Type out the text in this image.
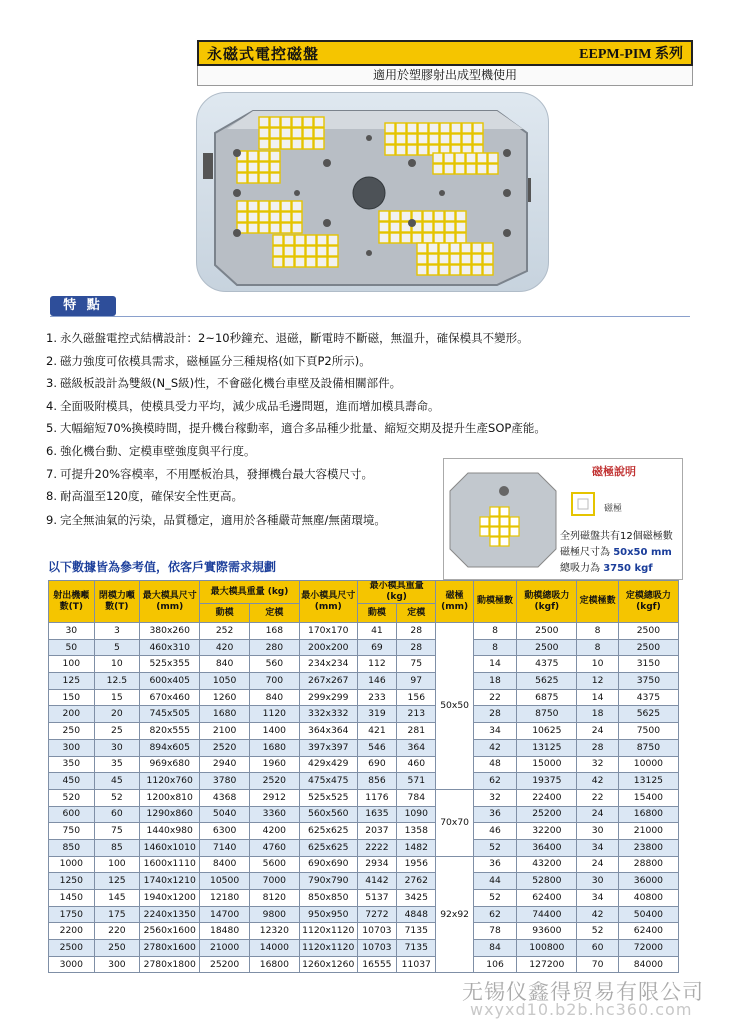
永磁式電控磁盤	EEPM-PIM 系列
適用於塑膠射出成型機使用
特 點
1. 永久磁盤電控式結構設計：2~10秒鐘充、退磁，斷電時不斷磁，無溫升，確保模具不變形。
2. 磁力強度可依模具需求，磁極區分三種規格(如下頁P2所示)。
3. 磁級板設計為雙級(N_S級)性，不會磁化機台車壁及設備相關部件。
4. 全面吸附模具，使模具受力平均，減少成品毛邊問題，進而增加模具壽命。
5. 大幅縮短70%換模時間，提升機台稼動率，適合多品種少批量、縮短交期及提升生產SOP產能。
6. 強化機台動、定模車壁強度與平行度。
7. 可提升20%容模率，不用壓板治具，發揮機台最大容模尺寸。
8. 耐高溫至120度，確保安全性更高。
9. 完全無油氣的污染，品質穩定，適用於各種嚴苛無塵/無菌環境。
磁極
磁極說明
全列磁盤共有12個磁極數
磁極尺寸為 50x50 mm
總吸力為 3750 kgf
以下數據皆為參考值，依客戶實際需求規劃
射出機噸數(T)	閉模力噸數(T)	最大模具尺寸(mm)	最大模具重量 (kg)		最小模具尺寸(mm)	最小模具重量 (kg)		磁極(mm)	動模極數	動模總吸力(kgf)	定模極數	定模總吸力(kgf)
			動模	定模		動模	定模					
30	3	380x260	252	168	170x170	41	28	50x50	8	2500	8	2500
50	5	460x310	420	280	200x200	69	28		8	2500	8	2500
100	10	525x355	840	560	234x234	112	75		14	4375	10	3150
125	12.5	600x405	1050	700	267x267	146	97		18	5625	12	3750
150	15	670x460	1260	840	299x299	233	156		22	6875	14	4375
200	20	745x505	1680	1120	332x332	319	213		28	8750	18	5625
250	25	820x555	2100	1400	364x364	421	281		34	10625	24	7500
300	30	894x605	2520	1680	397x397	546	364		42	13125	28	8750
350	35	969x680	2940	1960	429x429	690	460		48	15000	32	10000
450	45	1120x760	3780	2520	475x475	856	571		62	19375	42	13125
520	52	1200x810	4368	2912	525x525	1176	784	70x70	32	22400	22	15400
600	60	1290x860	5040	3360	560x560	1635	1090		36	25200	24	16800
750	75	1440x980	6300	4200	625x625	2037	1358		46	32200	30	21000
850	85	1460x1010	7140	4760	625x625	2222	1482		52	36400	34	23800
1000	100	1600x1110	8400	5600	690x690	2934	1956	92x92	36	43200	24	28800
1250	125	1740x1210	10500	7000	790x790	4142	2762		44	52800	30	36000
1450	145	1940x1200	12180	8120	850x850	5137	3425		52	62400	34	40800
1750	175	2240x1350	14700	9800	950x950	7272	4848		62	74400	42	50400
2200	220	2560x1600	18480	12320	1120x1120	10703	7135		78	93600	52	62400
2500	250	2780x1600	21000	14000	1120x1120	10703	7135		84	100800	60	72000
3000	300	2780x1800	25200	16800	1260x1260	16555	11037		106	127200	70	84000
无锡仪鑫得贸易有限公司
wxyxd10.b2b.hc360.com
